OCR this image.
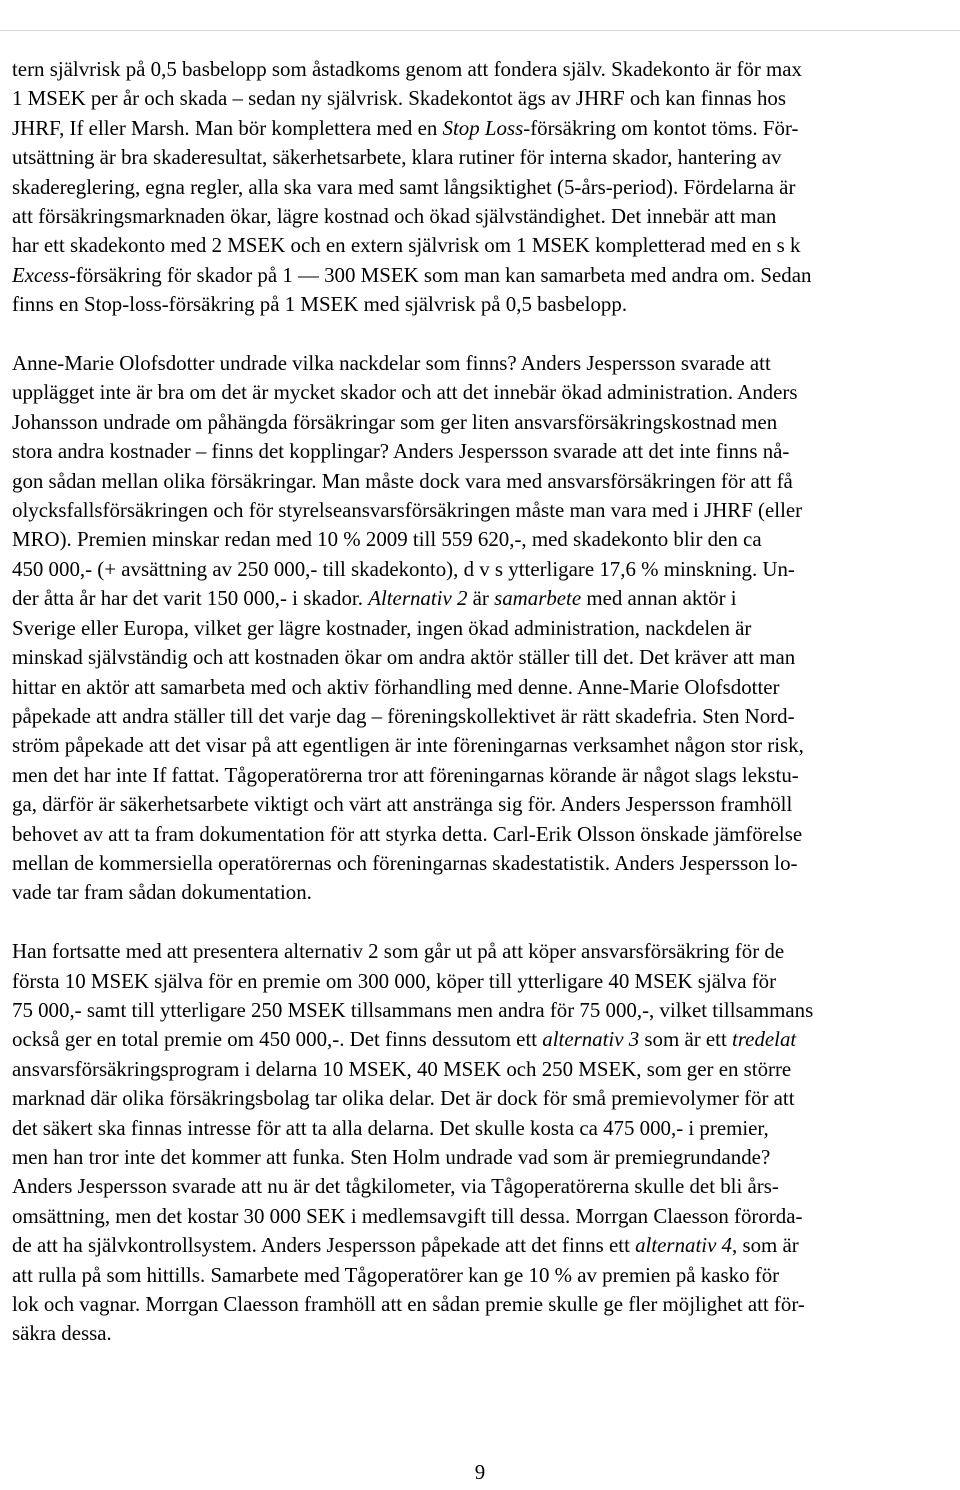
JHRF	MINNESANTECKNINGAR	2008-05-25

tern självrisk på 0,5 basbelopp som åstadkoms genom att fondera själv. Skadekonto är för max
1 MSEK per år och skada – sedan ny självrisk. Skadekontot ägs av JHRF och kan finnas hos
JHRF, If eller Marsh. Man bör komplettera med en Stop Loss-försäkring om kontot töms. För-
utsättning är bra skaderesultat, säkerhetsarbete, klara rutiner för interna skador, hantering av
skadereglering, egna regler, alla ska vara med samt långsiktighet (5-års-period). Fördelarna är
att försäkringsmarknaden ökar, lägre kostnad och ökad självständighet. Det innebär att man
har ett skadekonto med 2 MSEK och en extern självrisk om 1 MSEK kompletterad med en s k
Excess-försäkring för skador på 1 — 300 MSEK som man kan samarbeta med andra om. Sedan
finns en Stop-loss-försäkring på 1 MSEK med självrisk på 0,5 basbelopp.

Anne-Marie Olofsdotter undrade vilka nackdelar som finns? Anders Jespersson svarade att
upplägget inte är bra om det är mycket skador och att det innebär ökad administration. Anders
Johansson undrade om påhängda försäkringar som ger liten ansvarsförsäkringskostnad men
stora andra kostnader – finns det kopplingar? Anders Jespersson svarade att det inte finns nå-
gon sådan mellan olika försäkringar. Man måste dock vara med ansvarsförsäkringen för att få
olycksfallsförsäkringen och för styrelseansvarsförsäkringen måste man vara med i JHRF (eller
MRO). Premien minskar redan med 10 % 2009 till 559 620,-, med skadekonto blir den ca
450 000,- (+ avsättning av 250 000,- till skadekonto), d v s ytterligare 17,6 % minskning. Un-
der åtta år har det varit 150 000,- i skador. Alternativ 2 är samarbete med annan aktör i
Sverige eller Europa, vilket ger lägre kostnader, ingen ökad administration, nackdelen är
minskad självständig och att kostnaden ökar om andra aktör ställer till det. Det kräver att man
hittar en aktör att samarbeta med och aktiv förhandling med denne. Anne-Marie Olofsdotter
påpekade att andra ställer till det varje dag – föreningskollektivet är rätt skadefria. Sten Nord-
ström påpekade att det visar på att egentligen är inte föreningarnas verksamhet någon stor risk,
men det har inte If fattat. Tågoperatörerna tror att föreningarnas körande är något slags lekstu-
ga, därför är säkerhetsarbete viktigt och värt att anstränga sig för. Anders Jespersson framhöll
behovet av att ta fram dokumentation för att styrka detta. Carl-Erik Olsson önskade jämförelse
mellan de kommersiella operatörernas och föreningarnas skadestatistik. Anders Jespersson lo-
vade tar fram sådan dokumentation.

Han fortsatte med att presentera alternativ 2 som går ut på att köper ansvarsförsäkring för de
första 10 MSEK själva för en premie om 300 000, köper till ytterligare 40 MSEK själva för
75 000,- samt till ytterligare 250 MSEK tillsammans men andra för 75 000,-, vilket tillsammans
också ger en total premie om 450 000,-. Det finns dessutom ett alternativ 3 som är ett tredelat
ansvarsförsäkringsprogram i delarna 10 MSEK, 40 MSEK och 250 MSEK, som ger en större
marknad där olika försäkringsbolag tar olika delar. Det är dock för små premievolymer för att
det säkert ska finnas intresse för att ta alla delarna. Det skulle kosta ca 475 000,- i premier,
men han tror inte det kommer att funka. Sten Holm undrade vad som är premiegrundande?
Anders Jespersson svarade att nu är det tågkilometer, via Tågoperatörerna skulle det bli års-
omsättning, men det kostar 30 000 SEK i medlemsavgift till dessa. Morrgan Claesson förorda-
de att ha självkontrollsystem. Anders Jespersson påpekade att det finns ett alternativ 4, som är
att rulla på som hittills. Samarbete med Tågoperatörer kan ge 10 % av premien på kasko för
lok och vagnar. Morrgan Claesson framhöll att en sådan premie skulle ge fler möjlighet att för-
säkra dessa.

9
